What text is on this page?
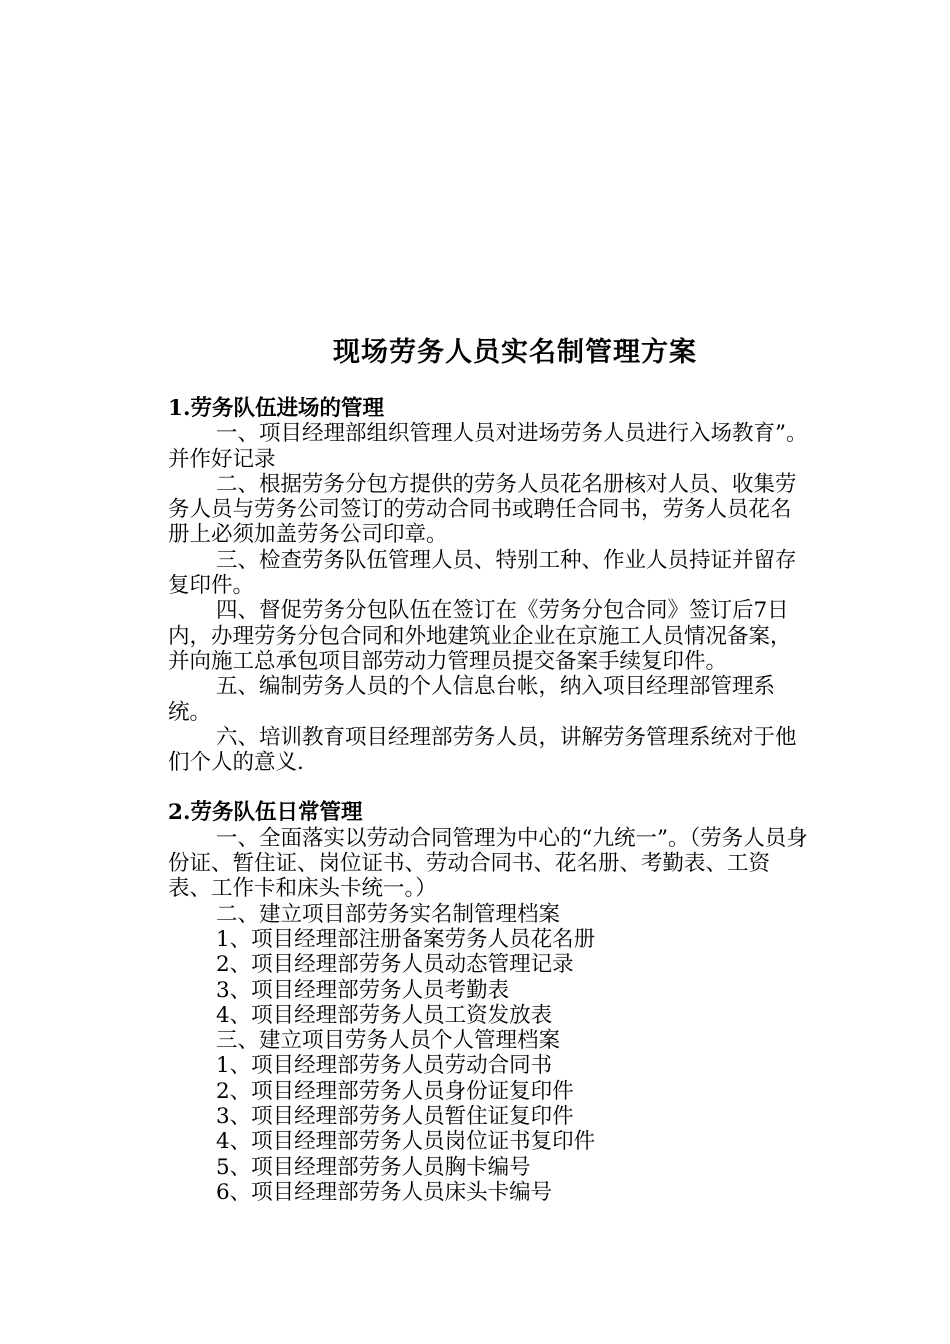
现场劳务人员实名制管理方案

1.劳务队伍进场的管理

一、项目经理部组织管理人员对进场劳务人员进行入场教育”。并作好记录

二、根据劳务分包方提供的劳务人员花名册核对人员、收集劳务人员与劳务公司签订的劳动合同书或聘任合同书，劳务人员花名册上必须加盖劳务公司印章。

三、检查劳务队伍管理人员、特别工种、作业人员持证并留存复印件。

四、督促劳务分包队伍在签订在《劳务分包合同》签订后7日内，办理劳务分包合同和外地建筑业企业在京施工人员情况备案，并向施工总承包项目部劳动力管理员提交备案手续复印件。

五、编制劳务人员的个人信息台帐，纳入项目经理部管理系统。

六、培训教育项目经理部劳务人员，讲解劳务管理系统对于他们个人的意义.

2.劳务队伍日常管理

一、全面落实以劳动合同管理为中心的“九统一”。（劳务人员身份证、暂住证、岗位证书、劳动合同书、花名册、考勤表、工资表、工作卡和床头卡统一。）

二、建立项目部劳务实名制管理档案

1、项目经理部注册备案劳务人员花名册

2、项目经理部劳务人员动态管理记录

3、项目经理部劳务人员考勤表

4、项目经理部劳务人员工资发放表

三、建立项目劳务人员个人管理档案

1、项目经理部劳务人员劳动合同书

2、项目经理部劳务人员身份证复印件

3、项目经理部劳务人员暂住证复印件

4、项目经理部劳务人员岗位证书复印件

5、项目经理部劳务人员胸卡编号

6、项目经理部劳务人员床头卡编号
